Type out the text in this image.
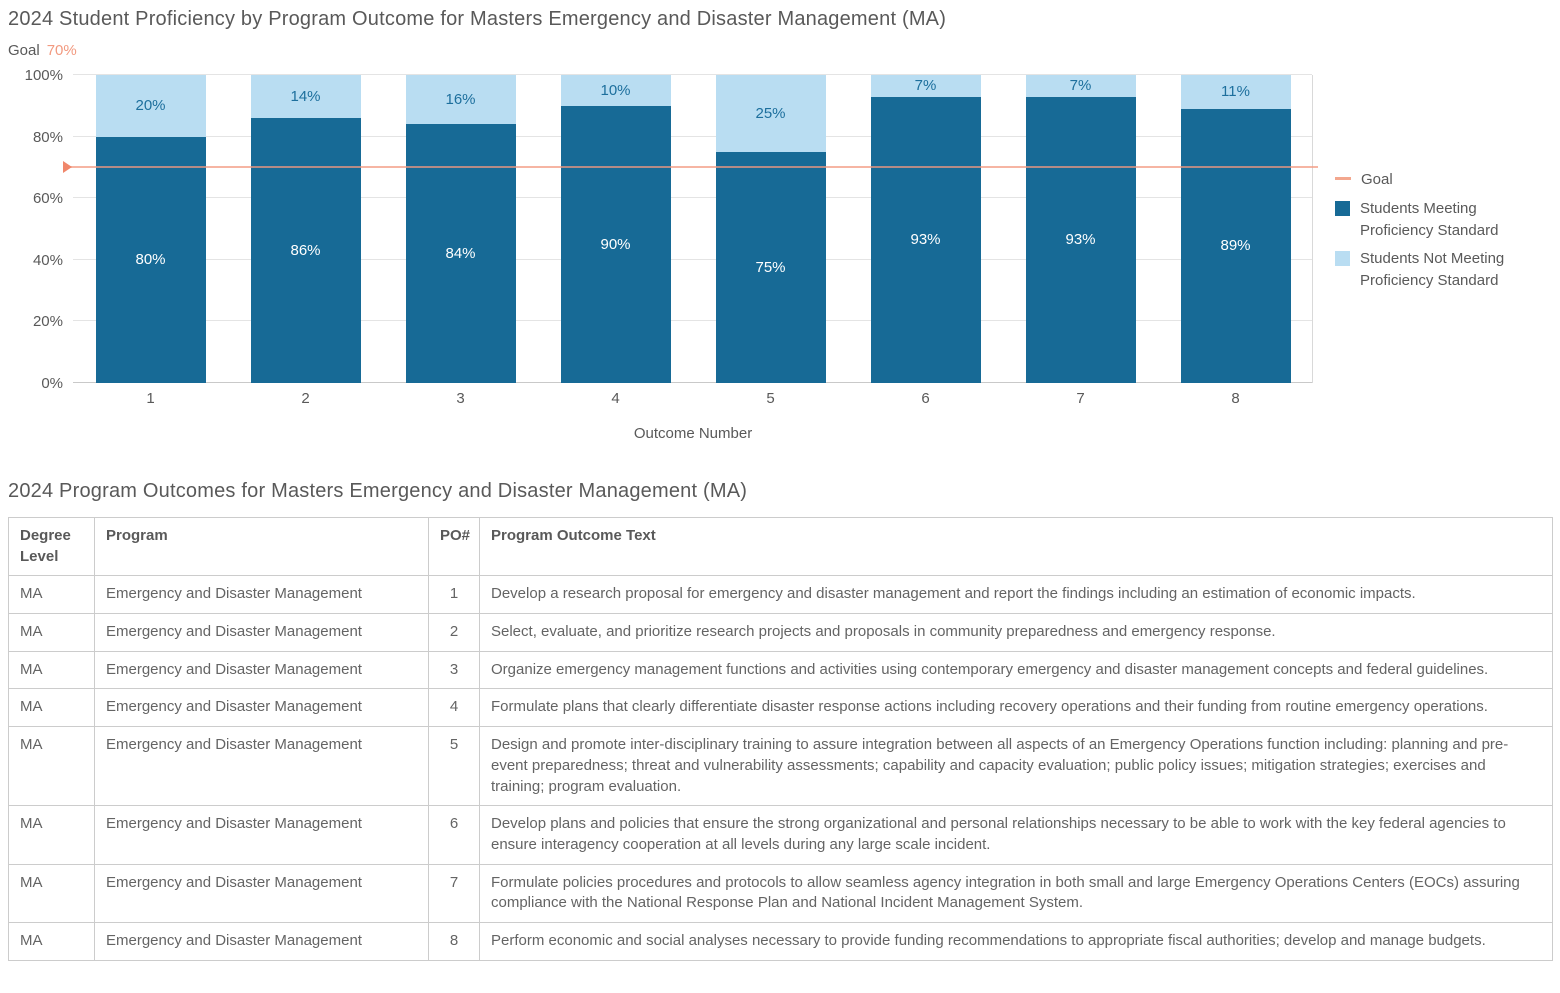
2024 Student Proficiency by Program Outcome for Masters Emergency and Disaster Management (MA)
Goal 70%
0%
20%
40%
60%
80%
100%
20%
80%
14%
86%
16%
84%
10%
90%
25%
75%
7%
93%
7%
93%
11%
89%
1	2	3	4	5	6	7	8
Outcome Number
Goal
Students Meeting Proficiency Standard
Students Not Meeting Proficiency Standard
2024 Program Outcomes for Masters Emergency and Disaster Management (MA)
Degree Level	Program	PO#	Program Outcome Text
MA	Emergency and Disaster Management	1	Develop a research proposal for emergency and disaster management and report the findings including an estimation of economic impacts.
MA	Emergency and Disaster Management	2	Select, evaluate, and prioritize research projects and proposals in community preparedness and emergency response.
MA	Emergency and Disaster Management	3	Organize emergency management functions and activities using contemporary emergency and disaster management concepts and federal guidelines.
MA	Emergency and Disaster Management	4	Formulate plans that clearly differentiate disaster response actions including recovery operations and their funding from routine emergency operations.
MA	Emergency and Disaster Management	5	Design and promote inter-disciplinary training to assure integration between all aspects of an Emergency Operations function including: planning and pre-event preparedness; threat and vulnerability assessments; capability and capacity evaluation; public policy issues; mitigation strategies; exercises and training; program evaluation.
MA	Emergency and Disaster Management	6	Develop plans and policies that ensure the strong organizational and personal relationships necessary to be able to work with the key federal agencies to ensure interagency cooperation at all levels during any large scale incident.
MA	Emergency and Disaster Management	7	Formulate policies procedures and protocols to allow seamless agency integration in both small and large Emergency Operations Centers (EOCs) assuring compliance with the National Response Plan and National Incident Management System.
MA	Emergency and Disaster Management	8	Perform economic and social analyses necessary to provide funding recommendations to appropriate fiscal authorities; develop and manage budgets.
